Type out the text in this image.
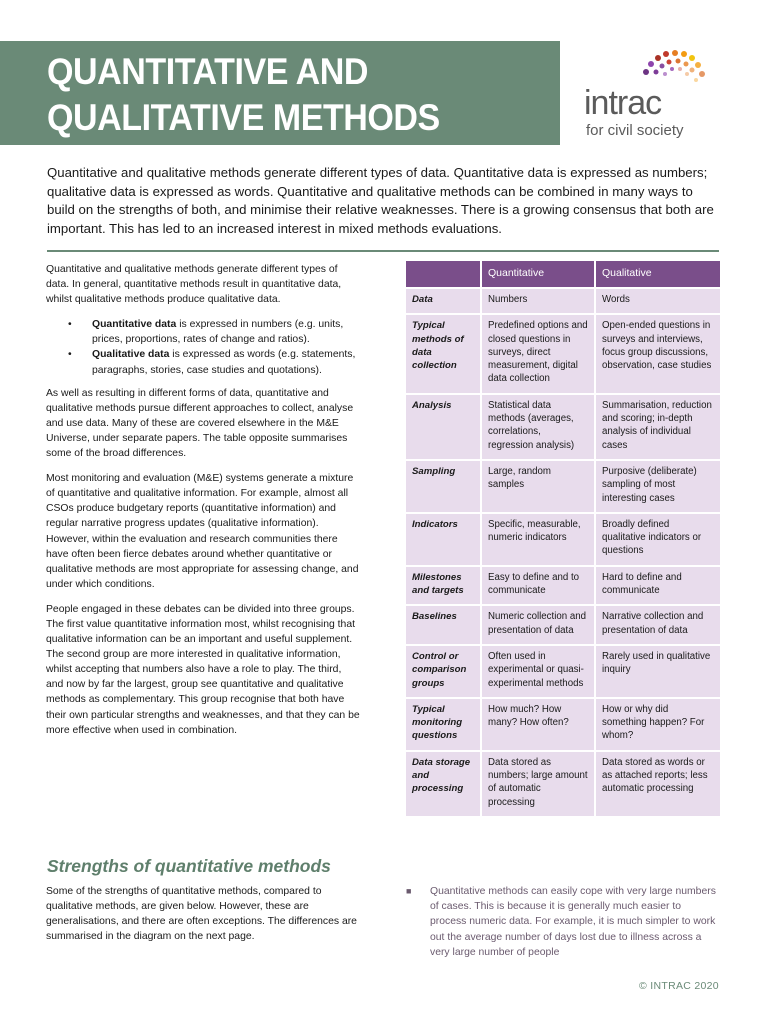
QUANTITATIVE AND
QUALITATIVE METHODS	intrac
for civil society

Quantitative and qualitative methods generate different types of data. Quantitative data is expressed as numbers; qualitative data is expressed as words. Quantitative and qualitative methods can be combined in many ways to build on the strengths of both, and minimise their relative weaknesses. There is a growing consensus that both are important. This has led to an increased interest in mixed methods evaluations.

Quantitative and qualitative methods generate different types of data. In general, quantitative methods result in quantitative data, whilst qualitative methods produce qualitative data.

• Quantitative data is expressed in numbers (e.g. units, prices, proportions, rates of change and ratios).
• Qualitative data is expressed as words (e.g. statements, paragraphs, stories, case studies and quotations).

As well as resulting in different forms of data, quantitative and qualitative methods pursue different approaches to collect, analyse and use data. Many of these are covered elsewhere in the M&E Universe, under separate papers. The table opposite summarises some of the broad differences.

Most monitoring and evaluation (M&E) systems generate a mixture of quantitative and qualitative information. For example, almost all CSOs produce budgetary reports (quantitative information) and regular narrative progress updates (qualitative information). However, within the evaluation and research communities there have often been fierce debates around whether quantitative or qualitative methods are most appropriate for assessing change, and under which conditions.

People engaged in these debates can be divided into three groups. The first value quantitative information most, whilst recognising that qualitative information can be an important and useful supplement. The second group are more interested in qualitative information, whilst accepting that numbers also have a role to play. The third, and now by far the largest, group see quantitative and qualitative methods as complementary. This group recognise that both have their own particular strengths and weaknesses, and that they can be more effective when used in combination.

	Quantitative	Qualitative
Data	Numbers	Words
Typical methods of data collection	Predefined options and closed questions in surveys, direct measurement, digital data collection	Open-ended questions in surveys and interviews, focus group discussions, observation, case studies
Analysis	Statistical data methods (averages, correlations, regression analysis)	Summarisation, reduction and scoring; in-depth analysis of individual cases
Sampling	Large, random samples	Purposive (deliberate) sampling of most interesting cases
Indicators	Specific, measurable, numeric indicators	Broadly defined qualitative indicators or questions
Milestones and targets	Easy to define and to communicate	Hard to define and communicate
Baselines	Numeric collection and presentation of data	Narrative collection and presentation of data
Control or comparison groups	Often used in experimental or quasi-experimental methods	Rarely used in qualitative inquiry
Typical monitoring questions	How much? How many? How often?	How or why did something happen? For whom?
Data storage and processing	Data stored as numbers; large amount of automatic processing	Data stored as words or as attached reports; less automatic processing
Strengths of quantitative methods

Some of the strengths of quantitative methods, compared to qualitative methods, are given below. However, these are generalisations, and there are often exceptions. The differences are summarised in the diagram on the next page.

■ Quantitative methods can easily cope with very large numbers of cases. This is because it is generally much easier to process numeric data. For example, it is much simpler to work out the average number of days lost due to illness across a very large number of people
© INTRAC 2020
